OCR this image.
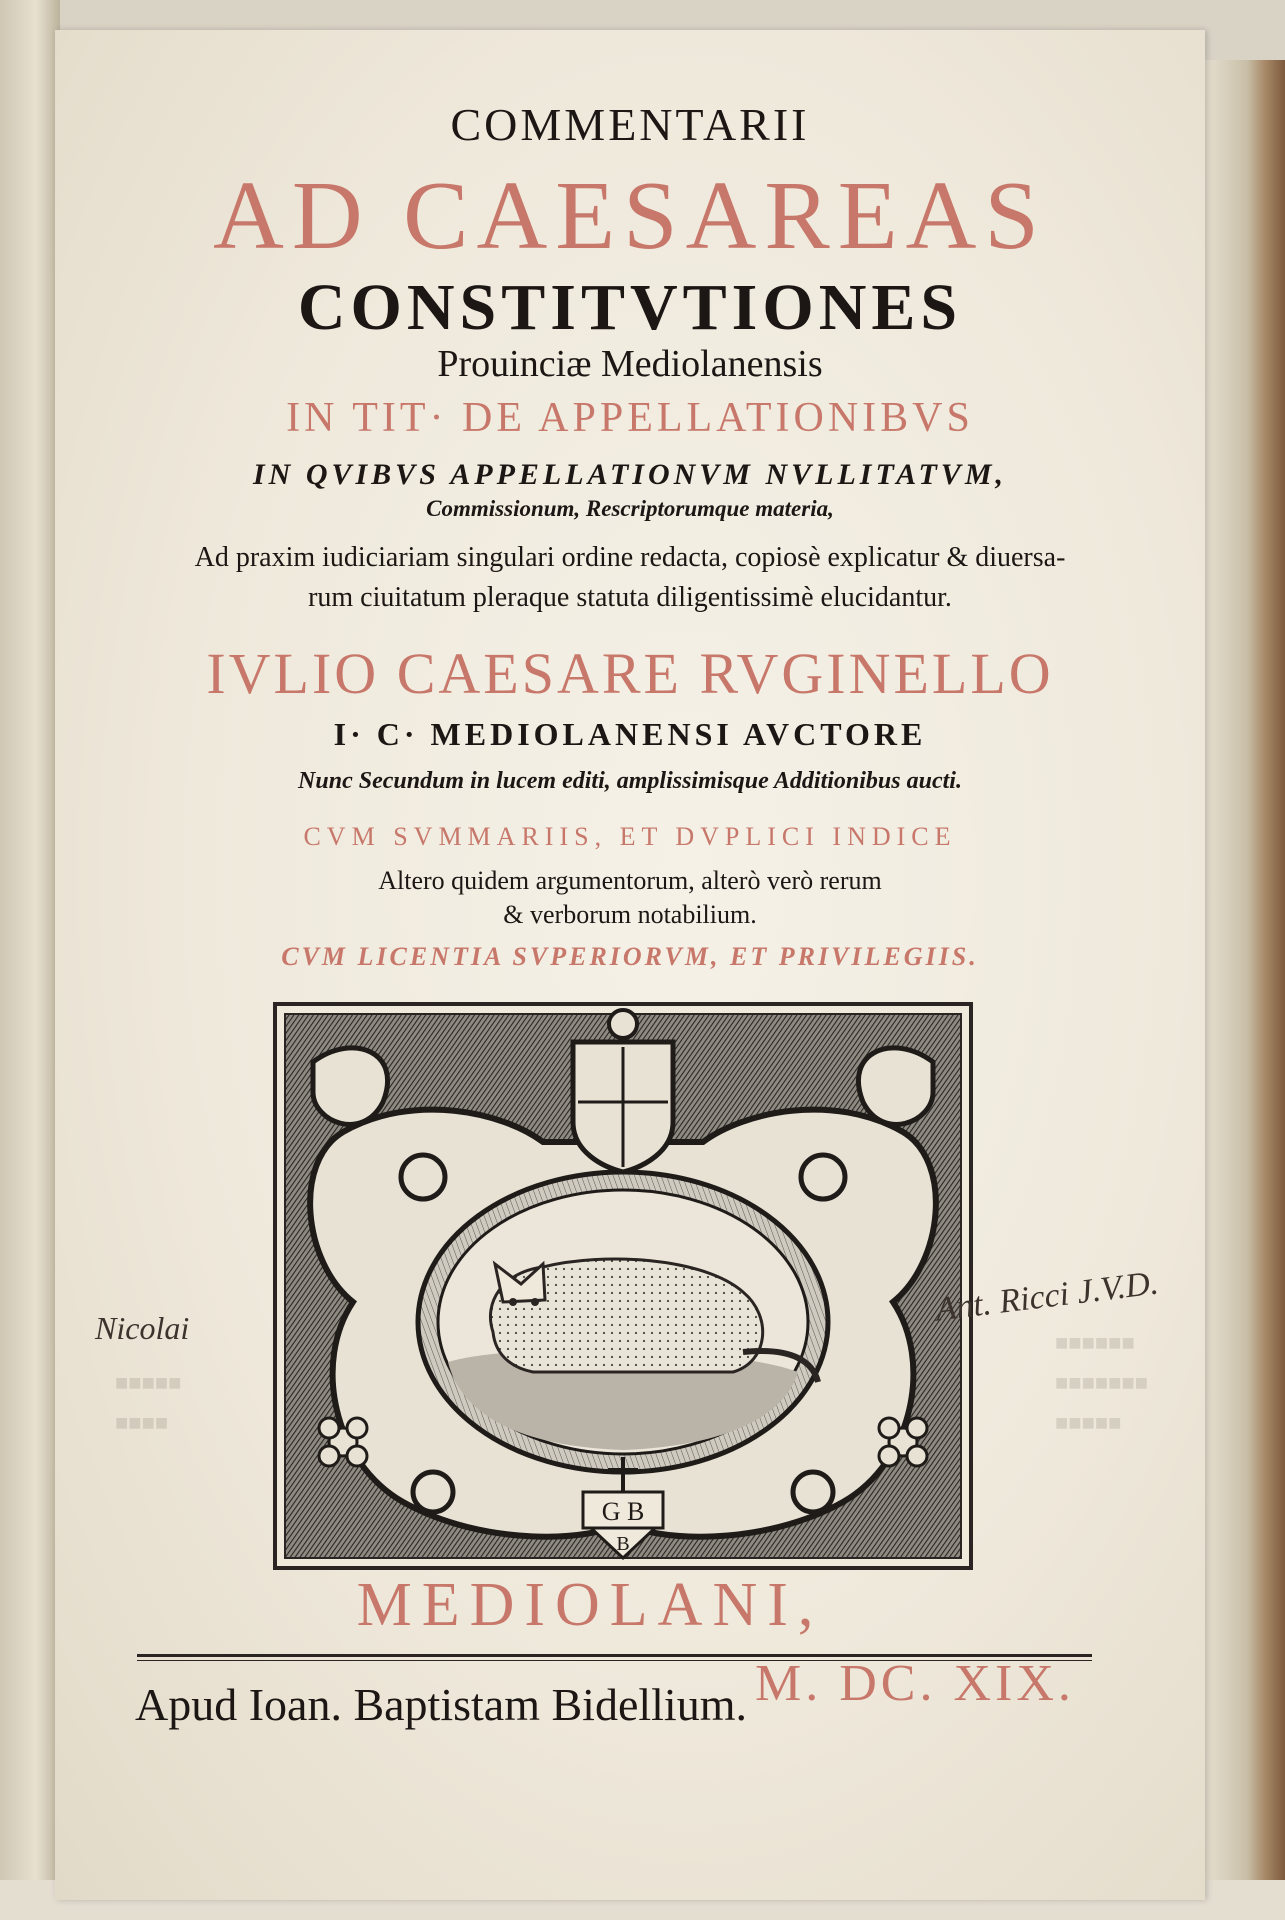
■■■■■■
■■■■■■■
■■■■■
■■■■■
■■■■
COMMENTARII
AD CAESAREAS
CONSTITVTIONES
Prouinciæ Mediolanensis
IN TIT· DE APPELLATIONIBVS
IN QVIBVS APPELLATIONVM NVLLITATVM,
Commissionum, Rescriptorumque materia,
Ad praxim iudiciariam singulari ordine redacta, copiosè explicatur & diuersa-
rum ciuitatum pleraque statuta diligentissimè elucidantur.
IVLIO CAESARE RVGINELLO
I· C· MEDIOLANENSI AVCTORE
Nunc Secundum in lucem editi, amplissimisque Additionibus aucti.
CVM SVMMARIIS, ET DVPLICI INDICE
Altero quidem argumentorum, alterò verò rerum
& verborum notabilium.
CVM LICENTIA SVPERIORVM, ET PRIVILEGIIS.
G B
B
MEDIOLANI,
Apud Ioan. Baptistam Bidellium. M. DC. XIX.
Nicolai	Ant. Ricci J.V.D.
